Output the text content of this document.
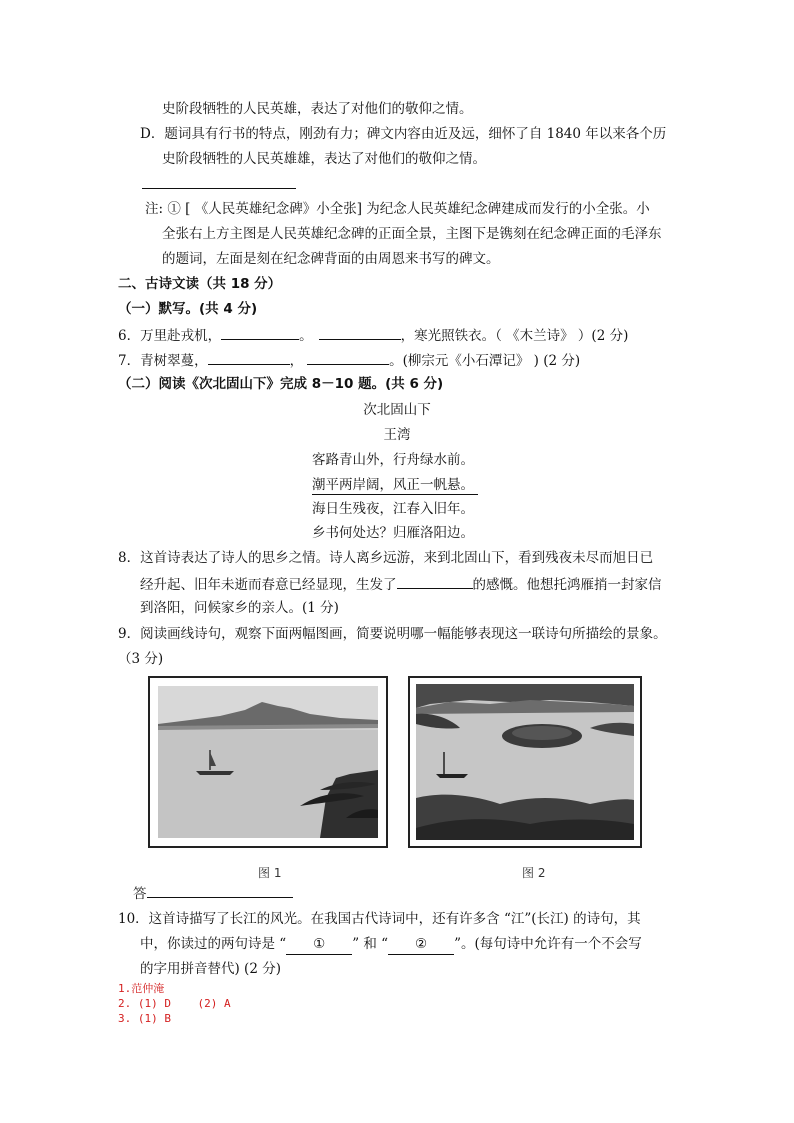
史阶段牺牲的人民英雄，表达了对他们的敬仰之情。
D．题词具有行书的特点，刚劲有力；碑文内容由近及远，细怀了自 1840 年以来各个历
史阶段牺牲的人民英雄雄，表达了对他们的敬仰之情。
注: ① [ 《人民英雄纪念碑》小全张] 为纪念人民英雄纪念碑建成而发行的小全张。小
全张右上方主图是人民英雄纪念碑的正面全景，主图下是镌刻在纪念碑正面的毛泽东
的题词，左面是刻在纪念碑背面的由周恩来书写的碑文。
二、古诗文读（共 18 分）
（一）默写。(共 4 分)
6．万里赴戎机，	。	，寒光照铁衣。（ 《木兰诗》 ）(2 分)
7．青树翠蔓，	，	。(柳宗元《小石潭记》 ) (2 分)
（二）阅读《次北固山下》完成 8－10 题。(共 6 分)
次北固山下
王湾
客路青山外，行舟绿水前。
潮平两岸阔，风正一帆悬。
海日生残夜，江春入旧年。
乡书何处达？归雁洛阳边。
8．这首诗表达了诗人的思乡之情。诗人离乡远游，来到北固山下，看到残夜未尽而旭日已
经升起、旧年未逝而春意已经显现，生发了	的感慨。他想托鸿雁捎一封家信
到洛阳，问候家乡的亲人。(1 分)
9．阅读画线诗句，观察下面两幅图画，简要说明哪一幅能够表现这一联诗句所描绘的景象。
（3 分)
图 1	图 2
答
10．这首诗描写了长江的风光。在我国古代诗词中，还有许多含 “江”(长江) 的诗句，其
中，你读过的两句诗是 “ ① ” 和 “ ② ”。(每句诗中允许有一个不会写
的字用拼音替代) (2 分)
1.范仲淹
2. (1) D    (2) A
3. (1) B
